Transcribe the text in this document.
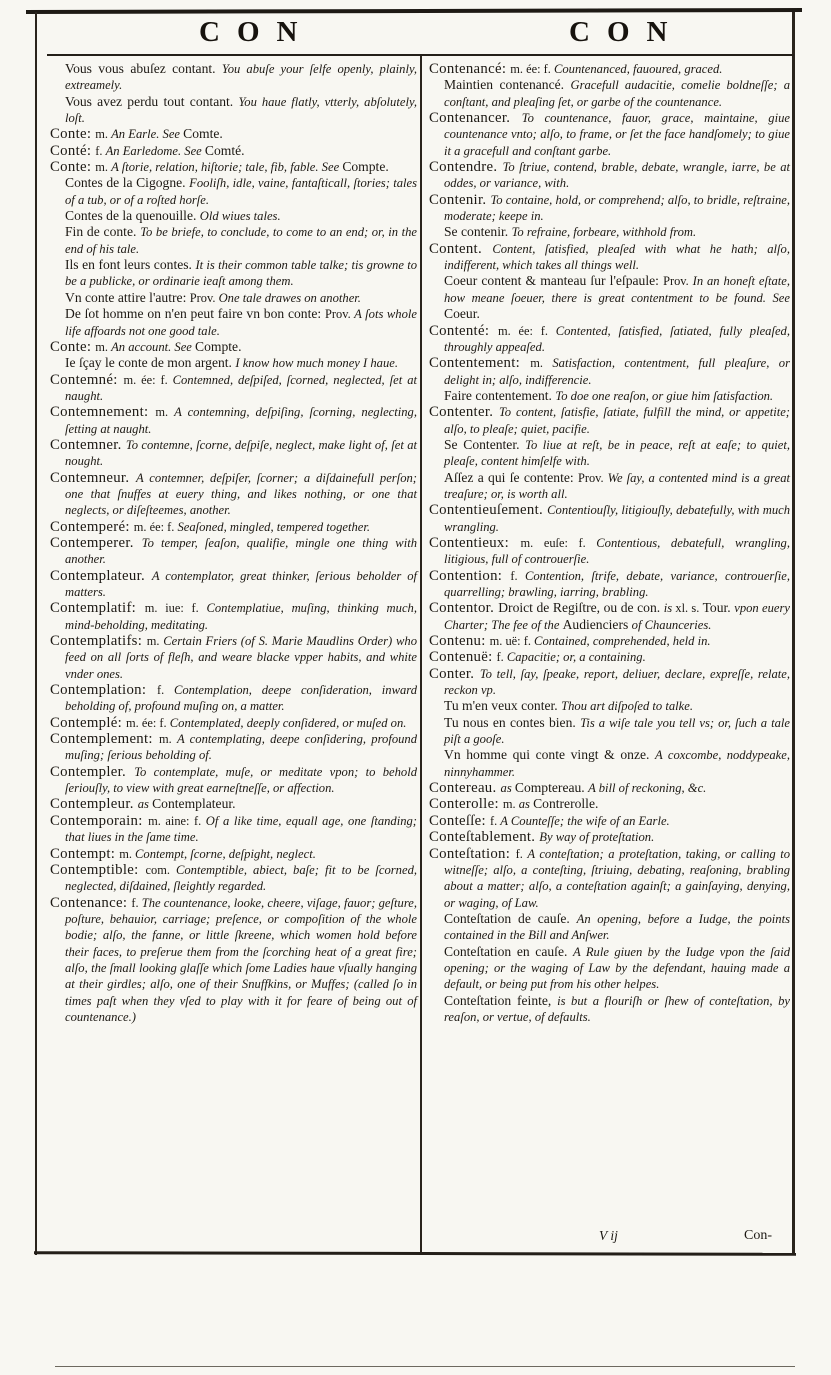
CON	CON

Vous vous abuſez contant. You abuſe your ſelfe openly, plainly, extreamely.

Vous avez perdu tout contant. You haue flatly, vtterly, abſolutely, loſt.

Conte: m. An Earle. See Comte.

Conté: f. An Earledome. See Comté.

Conte: m. A ſtorie, relation, hiſtorie; tale, fib, fable. See Compte.

Contes de la Cigogne. Fooliſh, idle, vaine, fantaſticall, ſtories; tales of a tub, or of a roſted horſe.

Contes de la quenouille. Old wiues tales.

Fin de conte. To be briefe, to conclude, to come to an end; or, in the end of his tale.

Ils en font leurs contes. It is their common table talke; tis growne to be a publicke, or ordinarie ieaſt among them.

Vn conte attire l'autre: Prov. One tale drawes on another.

De ſot homme on n'en peut faire vn bon conte: Prov. A ſots whole life affoards not one good tale.

Conte: m. An account. See Compte.

Ie ſçay le conte de mon argent. I know how much money I haue.

Contemné: m. ée: f. Contemned, deſpiſed, ſcorned, neglected, ſet at naught.

Contemnement: m. A contemning, deſpiſing, ſcorning, neglecting, ſetting at naught.

Contemner. To contemne, ſcorne, deſpiſe, neglect, make light of, ſet at nought.

Contemneur. A contemner, deſpiſer, ſcorner; a diſdainefull perſon; one that ſnuffes at euery thing, and likes nothing, or one that neglects, or diſeſteemes, another.

Contemperé: m. ée: f. Seaſoned, mingled, tempered together.

Contemperer. To temper, ſeaſon, qualifie, mingle one thing with another.

Contemplateur. A contemplator, great thinker, ſerious beholder of matters.

Contemplatif: m. iue: f. Contemplatiue, muſing, thinking much, mind-beholding, meditating.

Contemplatifs: m. Certain Friers (of S. Marie Maudlins Order) who feed on all ſorts of fleſh, and weare blacke vpper habits, and white vnder ones.

Contemplation: f. Contemplation, deepe conſideration, inward beholding of, profound muſing on, a matter.

Contemplé: m. ée: f. Contemplated, deeply conſidered, or muſed on.

Contemplement: m. A contemplating, deepe conſidering, profound muſing; ſerious beholding of.

Contempler. To contemplate, muſe, or meditate vpon; to behold ſeriouſly, to view with great earneſtneſſe, or affection.

Contempleur. as Contemplateur.

Contemporain: m. aine: f. Of a like time, equall age, one ſtanding; that liues in the ſame time.

Contempt: m. Contempt, ſcorne, deſpight, neglect.

Contemptible: com. Contemptible, abiect, baſe; fit to be ſcorned, neglected, diſdained, ſleightly regarded.

Contenance: f. The countenance, looke, cheere, viſage, fauor; geſture, poſture, behauior, carriage; preſence, or compoſition of the whole bodie; alſo, the fanne, or little ſkreene, which women hold before their faces, to preſerue them from the ſcorching heat of a great fire; alſo, the ſmall looking glaſſe which ſome Ladies haue vſually hanging at their girdles; alſo, one of their Snuffkins, or Muffes; (called ſo in times paſt when they vſed to play with it for feare of being out of countenance.)

Contenancé: m. ée: f. Countenanced, fauoured, graced.

Maintien contenancé. Gracefull audacitie, comelie boldneſſe; a conſtant, and pleaſing ſet, or garbe of the countenance.

Contenancer. To countenance, fauor, grace, maintaine, giue countenance vnto; alſo, to frame, or ſet the face handſomely; to giue it a gracefull and conſtant garbe.

Contendre. To ſtriue, contend, brable, debate, wrangle, iarre, be at oddes, or variance, with.

Contenir. To containe, hold, or comprehend; alſo, to bridle, reſtraine, moderate; keepe in.

Se contenir. To refraine, forbeare, withhold from.

Content. Content, ſatisfied, pleaſed with what he hath; alſo, indifferent, which takes all things well.

Coeur content & manteau ſur l'eſpaule: Prov. In an honeſt eſtate, how meane ſoeuer, there is great contentment to be found. See Coeur.

Contenté: m. ée: f. Contented, ſatisfied, ſatiated, fully pleaſed, throughly appeaſed.

Contentement: m. Satisfaction, contentment, full pleaſure, or delight in; alſo, indifferencie.

Faire contentement. To doe one reaſon, or giue him ſatisfaction.

Contenter. To content, ſatisfie, ſatiate, fulfill the mind, or appetite; alſo, to pleaſe; quiet, pacifie.

Se Contenter. To liue at reſt, be in peace, reſt at eaſe; to quiet, pleaſe, content himſelfe with.

Aſſez a qui ſe contente: Prov. We ſay, a contented mind is a great treaſure; or, is worth all.

Contentieuſement. Contentiouſly, litigiouſly, debatefully, with much wrangling.

Contentieux: m. euſe: f. Contentious, debatefull, wrangling, litigious, full of controuerſie.

Contention: f. Contention, ſtrife, debate, variance, controuerſie, quarrelling; brawling, iarring, brabling.

Contentor. Droict de Regiſtre, ou de con. is xl. s. Tour. vpon euery Charter; The fee of the Audienciers of Chaunceries.

Contenu: m. uë: f. Contained, comprehended, held in.

Contenuë: f. Capacitie; or, a containing.

Conter. To tell, ſay, ſpeake, report, deliuer, declare, expreſſe, relate, reckon vp.

Tu m'en veux conter. Thou art diſpoſed to talke.

Tu nous en contes bien. Tis a wiſe tale you tell vs; or, ſuch a tale piſt a gooſe.

Vn homme qui conte vingt & onze. A coxcombe, noddypeake, ninnyhammer.

Contereau. as Comptereau. A bill of reckoning, &c.

Conterolle: m. as Contrerolle.

Conteſſe: f. A Counteſſe; the wife of an Earle.

Conteſtablement. By way of proteſtation.

Conteſtation: f. A conteſtation; a proteſtation, taking, or calling to witneſſe; alſo, a conteſting, ſtriuing, debating, reaſoning, brabling about a matter; alſo, a conteſtation againſt; a gainſaying, denying, or waging, of Law.

Conteſtation de cauſe. An opening, before a Iudge, the points contained in the Bill and Anſwer.

Conteſtation en cauſe. A Rule giuen by the Iudge vpon the ſaid opening; or the waging of Law by the defendant, hauing made a default, or being put from his other helpes.

Conteſtation feinte, is but a flouriſh or ſhew of conteſtation, by reaſon, or vertue, of defaults.

V ij	Con-
